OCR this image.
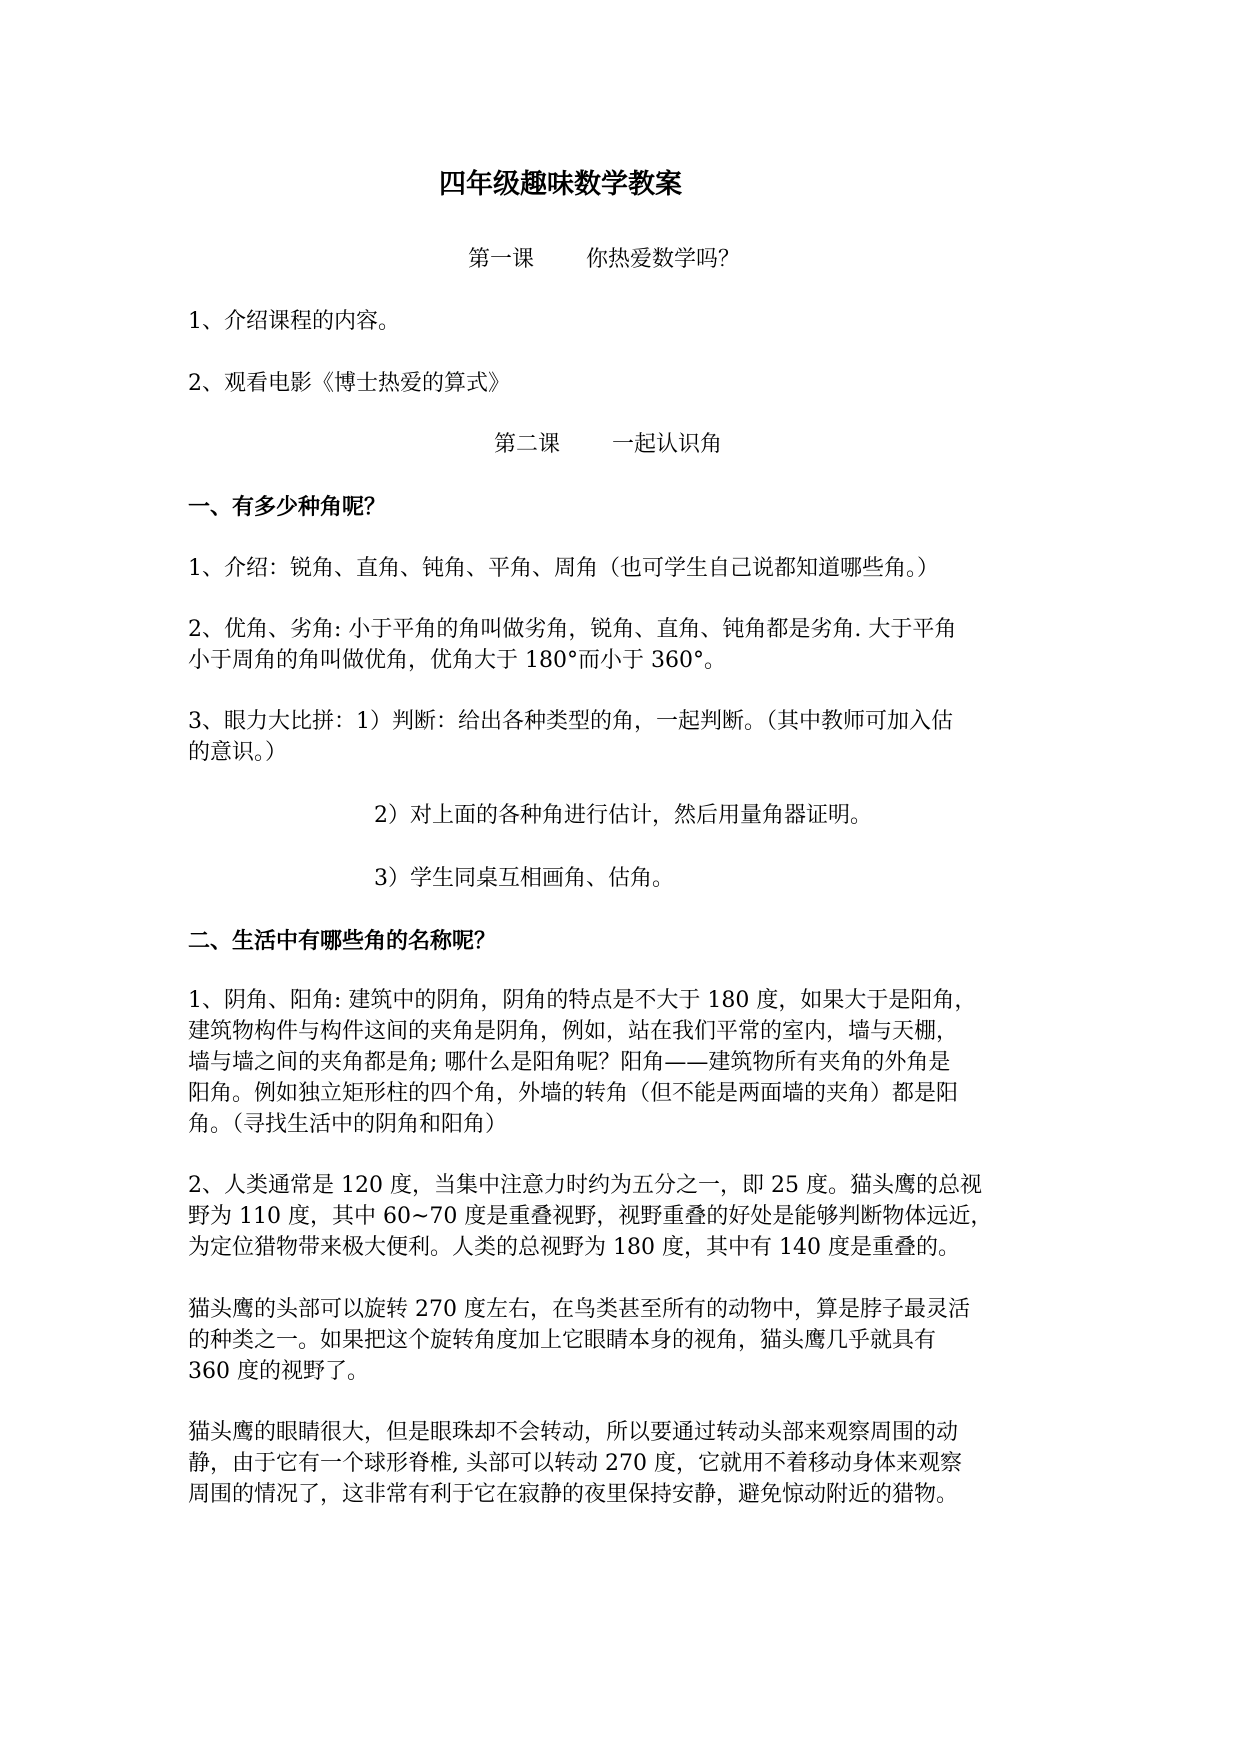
四年级趣味数学教案

第一课 你热爱数学吗？

1、介绍课程的内容。

2、观看电影《博士热爱的算式》

第二课 一起认识角

一、有多少种角呢？

1、介绍：锐角、直角、钝角、平角、周角（也可学生自己说都知道哪些角。）

2、优角、劣角: 小于平角的角叫做劣角，锐角、直角、钝角都是劣角. 大于平角

小于周角的角叫做优角，优角大于 180°而小于 360°。

3、眼力大比拼：1）判断：给出各种类型的角，一起判断。（其中教师可加入估

的意识。）

2）对上面的各种角进行估计，然后用量角器证明。

3）学生同桌互相画角、估角。

二、生活中有哪些角的名称呢？

1、阴角、阳角: 建筑中的阴角，阴角的特点是不大于 180 度，如果大于是阳角，

建筑物构件与构件这间的夹角是阴角，例如，站在我们平常的室内，墙与天棚，

墙与墙之间的夹角都是角; 哪什么是阳角呢？阳角——建筑物所有夹角的外角是

阳角。例如独立矩形柱的四个角，外墙的转角（但不能是两面墙的夹角）都是阳

角。（寻找生活中的阴角和阳角）

2、人类通常是 120 度，当集中注意力时约为五分之一，即 25 度。猫头鹰的总视

野为 110 度，其中 60~70 度是重叠视野，视野重叠的好处是能够判断物体远近，

为定位猎物带来极大便利。人类的总视野为 180 度，其中有 140 度是重叠的。

猫头鹰的头部可以旋转 270 度左右，在鸟类甚至所有的动物中，算是脖子最灵活

的种类之一。如果把这个旋转角度加上它眼睛本身的视角，猫头鹰几乎就具有

360 度的视野了。

猫头鹰的眼睛很大，但是眼珠却不会转动，所以要通过转动头部来观察周围的动

静，由于它有一个球形脊椎, 头部可以转动 270 度，它就用不着移动身体来观察

周围的情况了，这非常有利于它在寂静的夜里保持安静，避免惊动附近的猎物。
